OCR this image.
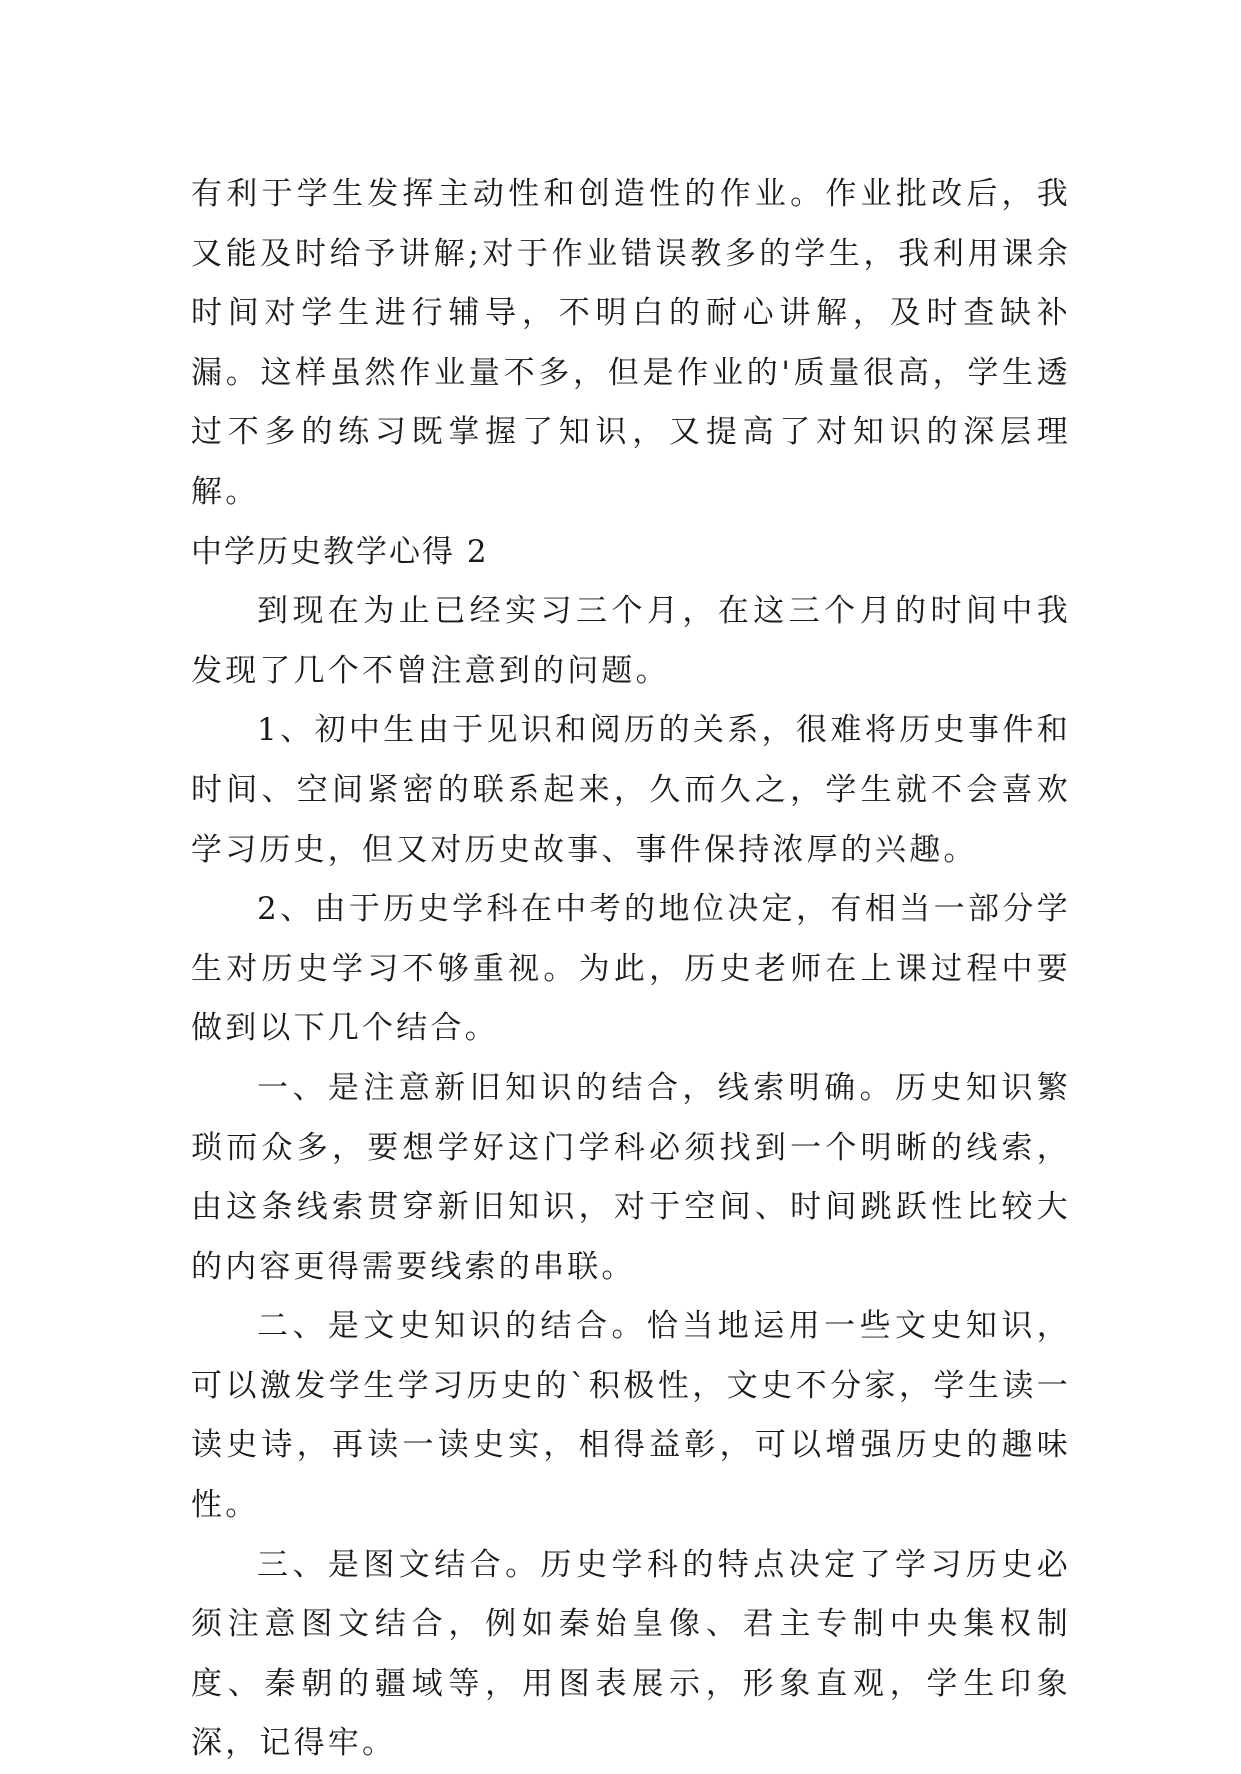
有利于学生发挥主动性和创造性的作业。作业批改后，我又能及时给予讲解;对于作业错误教多的学生，我利用课余时间对学生进行辅导，不明白的耐心讲解，及时查缺补漏。这样虽然作业量不多，但是作业的'质量很高，学生透过不多的练习既掌握了知识，又提高了对知识的深层理解。

中学历史教学心得 2

到现在为止已经实习三个月，在这三个月的时间中我发现了几个不曾注意到的问题。

1、初中生由于见识和阅历的关系，很难将历史事件和时间、空间紧密的联系起来，久而久之，学生就不会喜欢学习历史，但又对历史故事、事件保持浓厚的兴趣。

2、由于历史学科在中考的地位决定，有相当一部分学生对历史学习不够重视。为此，历史老师在上课过程中要做到以下几个结合。

一、是注意新旧知识的结合，线索明确。历史知识繁琐而众多，要想学好这门学科必须找到一个明晰的线索，由这条线索贯穿新旧知识，对于空间、时间跳跃性比较大的内容更得需要线索的串联。

二、是文史知识的结合。恰当地运用一些文史知识，可以激发学生学习历史的`积极性，文史不分家，学生读一读史诗，再读一读史实，相得益彰，可以增强历史的趣味性。

三、是图文结合。历史学科的特点决定了学习历史必须注意图文结合，例如秦始皇像、君主专制中央集权制度、秦朝的疆域等，用图表展示，形象直观，学生印象深，记得牢。
